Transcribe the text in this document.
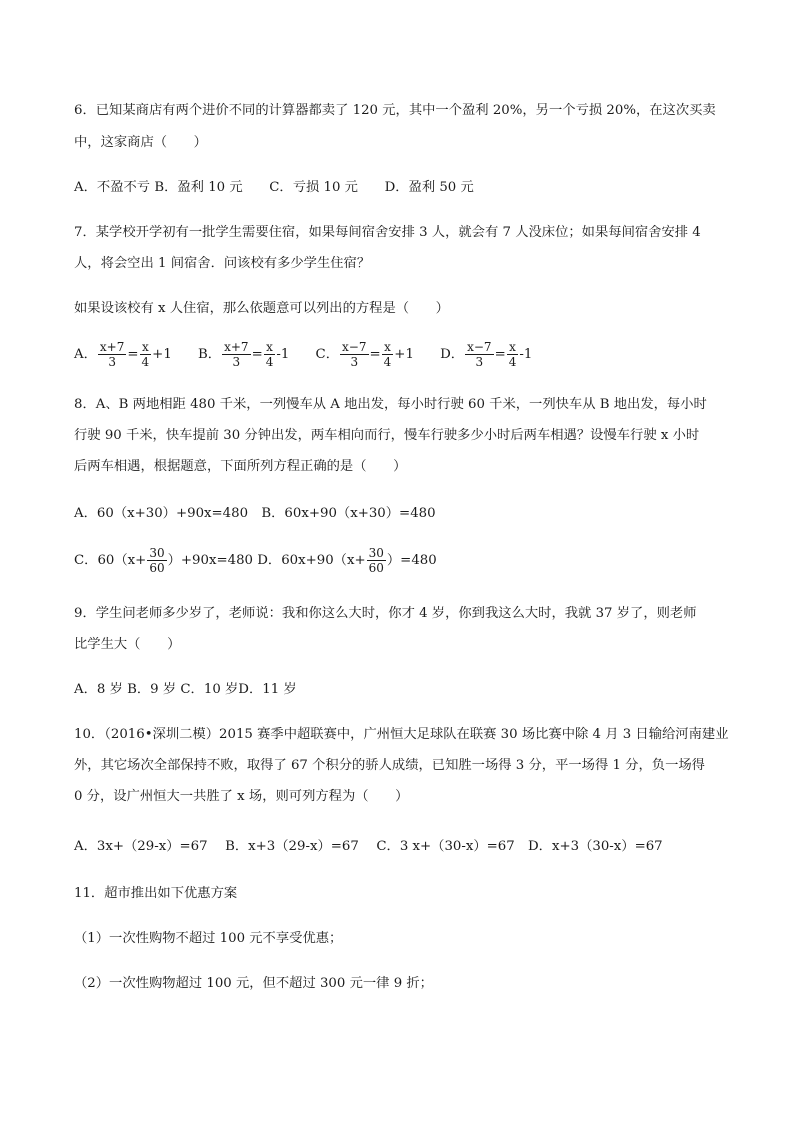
6．已知某商店有两个进价不同的计算器都卖了 120 元，其中一个盈利 20%，另一个亏损 20%，在这次买卖
中，这家商店（　　）
A．不盈不亏 B．盈利 10 元　　C．亏损 10 元　　D．盈利 50 元
7．某学校开学初有一批学生需要住宿，如果每间宿舍安排 3 人，就会有 7 人没床位；如果每间宿舍安排 4
人，将会空出 1 间宿舍．问该校有多少学生住宿？
如果设该校有 x 人住宿，那么依题意可以列出的方程是（　　）
A． $\frac{x+7}{3} = \frac{x}{4} +1$ B． $\frac{x+7}{3} = \frac{x}{4} -1$ C． $\frac{x-7}{3} = \frac{x}{4} +1$ D． $\frac{x-7}{3} = \frac{x}{4} -1$
8．A、B 两地相距 480 千米，一列慢车从 A 地出发，每小时行驶 60 千米，一列快车从 B 地出发，每小时
行驶 90 千米，快车提前 30 分钟出发，两车相向而行，慢车行驶多少小时后两车相遇？设慢车行驶 x 小时
后两车相遇，根据题意，下面所列方程正确的是（　　）
A．60（x+30）+90x=480　B．60x+90（x+30）=480
C．$60(x+ \frac{30}{60} )+90x=480$ D．$60x+90(x+ \frac{30}{60} )=480$
9．学生问老师多少岁了，老师说：我和你这么大时，你才 4 岁，你到我这么大时，我就 37 岁了，则老师
比学生大（　　）
A．8 岁 B．9 岁 C．10 岁D．11 岁
10．（2016•深圳二模）2015 赛季中超联赛中，广州恒大足球队在联赛 30 场比赛中除 4 月 3 日输给河南建业
外，其它场次全部保持不败，取得了 67 个积分的骄人成绩，已知胜一场得 3 分，平一场得 1 分，负一场得
0 分，设广州恒大一共胜了 x 场，则可列方程为（　　）
A．3x+（29-x）=67　 B．x+3（29-x）=67　 C．3 x+（30-x）=67　D．x+3（30-x）=67
11．超市推出如下优惠方案
（1）一次性购物不超过 100 元不享受优惠；
（2）一次性购物超过 100 元，但不超过 300 元一律 9 折；
